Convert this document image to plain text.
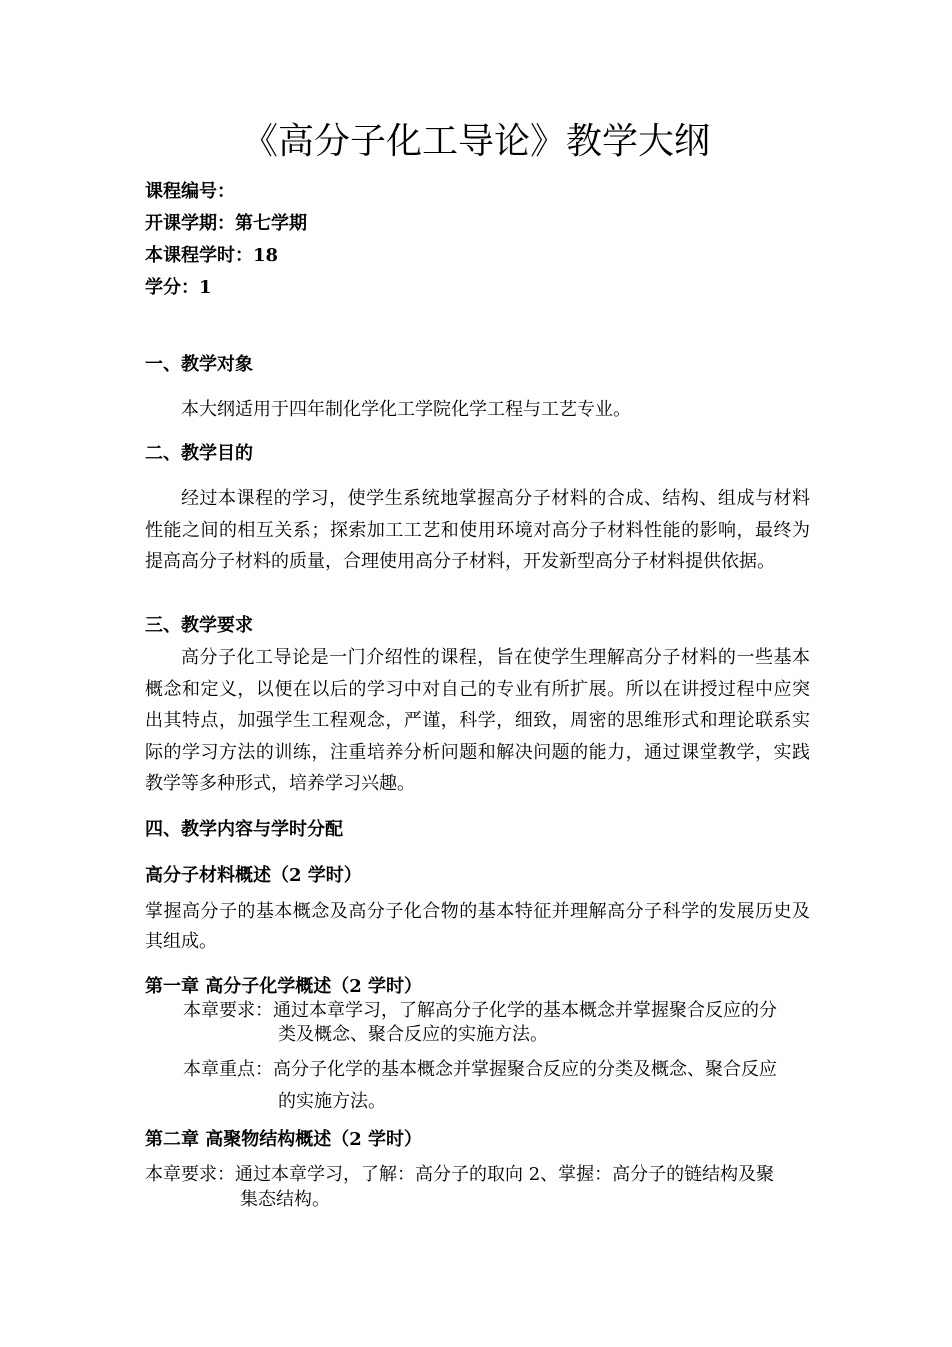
《高分子化工导论》教学大纲
课程编号：
开课学期：第七学期
本课程学时：18
学分：1
一、教学对象
本大纲适用于四年制化学化工学院化学工程与工艺专业。
二、教学目的
经过本课程的学习，使学生系统地掌握高分子材料的合成、结构、组成与材料性能之间的相互关系；探索加工工艺和使用环境对高分子材料性能的影响，最终为提高高分子材料的质量，合理使用高分子材料，开发新型高分子材料提供依据。
三、教学要求
高分子化工导论是一门介绍性的课程，旨在使学生理解高分子材料的一些基本概念和定义，以便在以后的学习中对自己的专业有所扩展。所以在讲授过程中应突出其特点，加强学生工程观念，严谨，科学，细致，周密的思维形式和理论联系实际的学习方法的训练，注重培养分析问题和解决问题的能力，通过课堂教学，实践教学等多种形式，培养学习兴趣。
四、教学内容与学时分配
高分子材料概述（2 学时）
掌握高分子的基本概念及高分子化合物的基本特征并理解高分子科学的发展历史及其组成。
第一章 高分子化学概述（2 学时）
本章要求： 通过本章学习，了解高分子化学的基本概念并掌握聚合反应的分
类及概念、聚合反应的实施方法。
本章重点： 高分子化学的基本概念并掌握聚合反应的分类及概念、聚合反应
的实施方法。
第二章 高聚物结构概述（2 学时）
本章要求： 通过本章学习，了解：高分子的取向 2、掌握：高分子的链结构及聚
集态结构。
